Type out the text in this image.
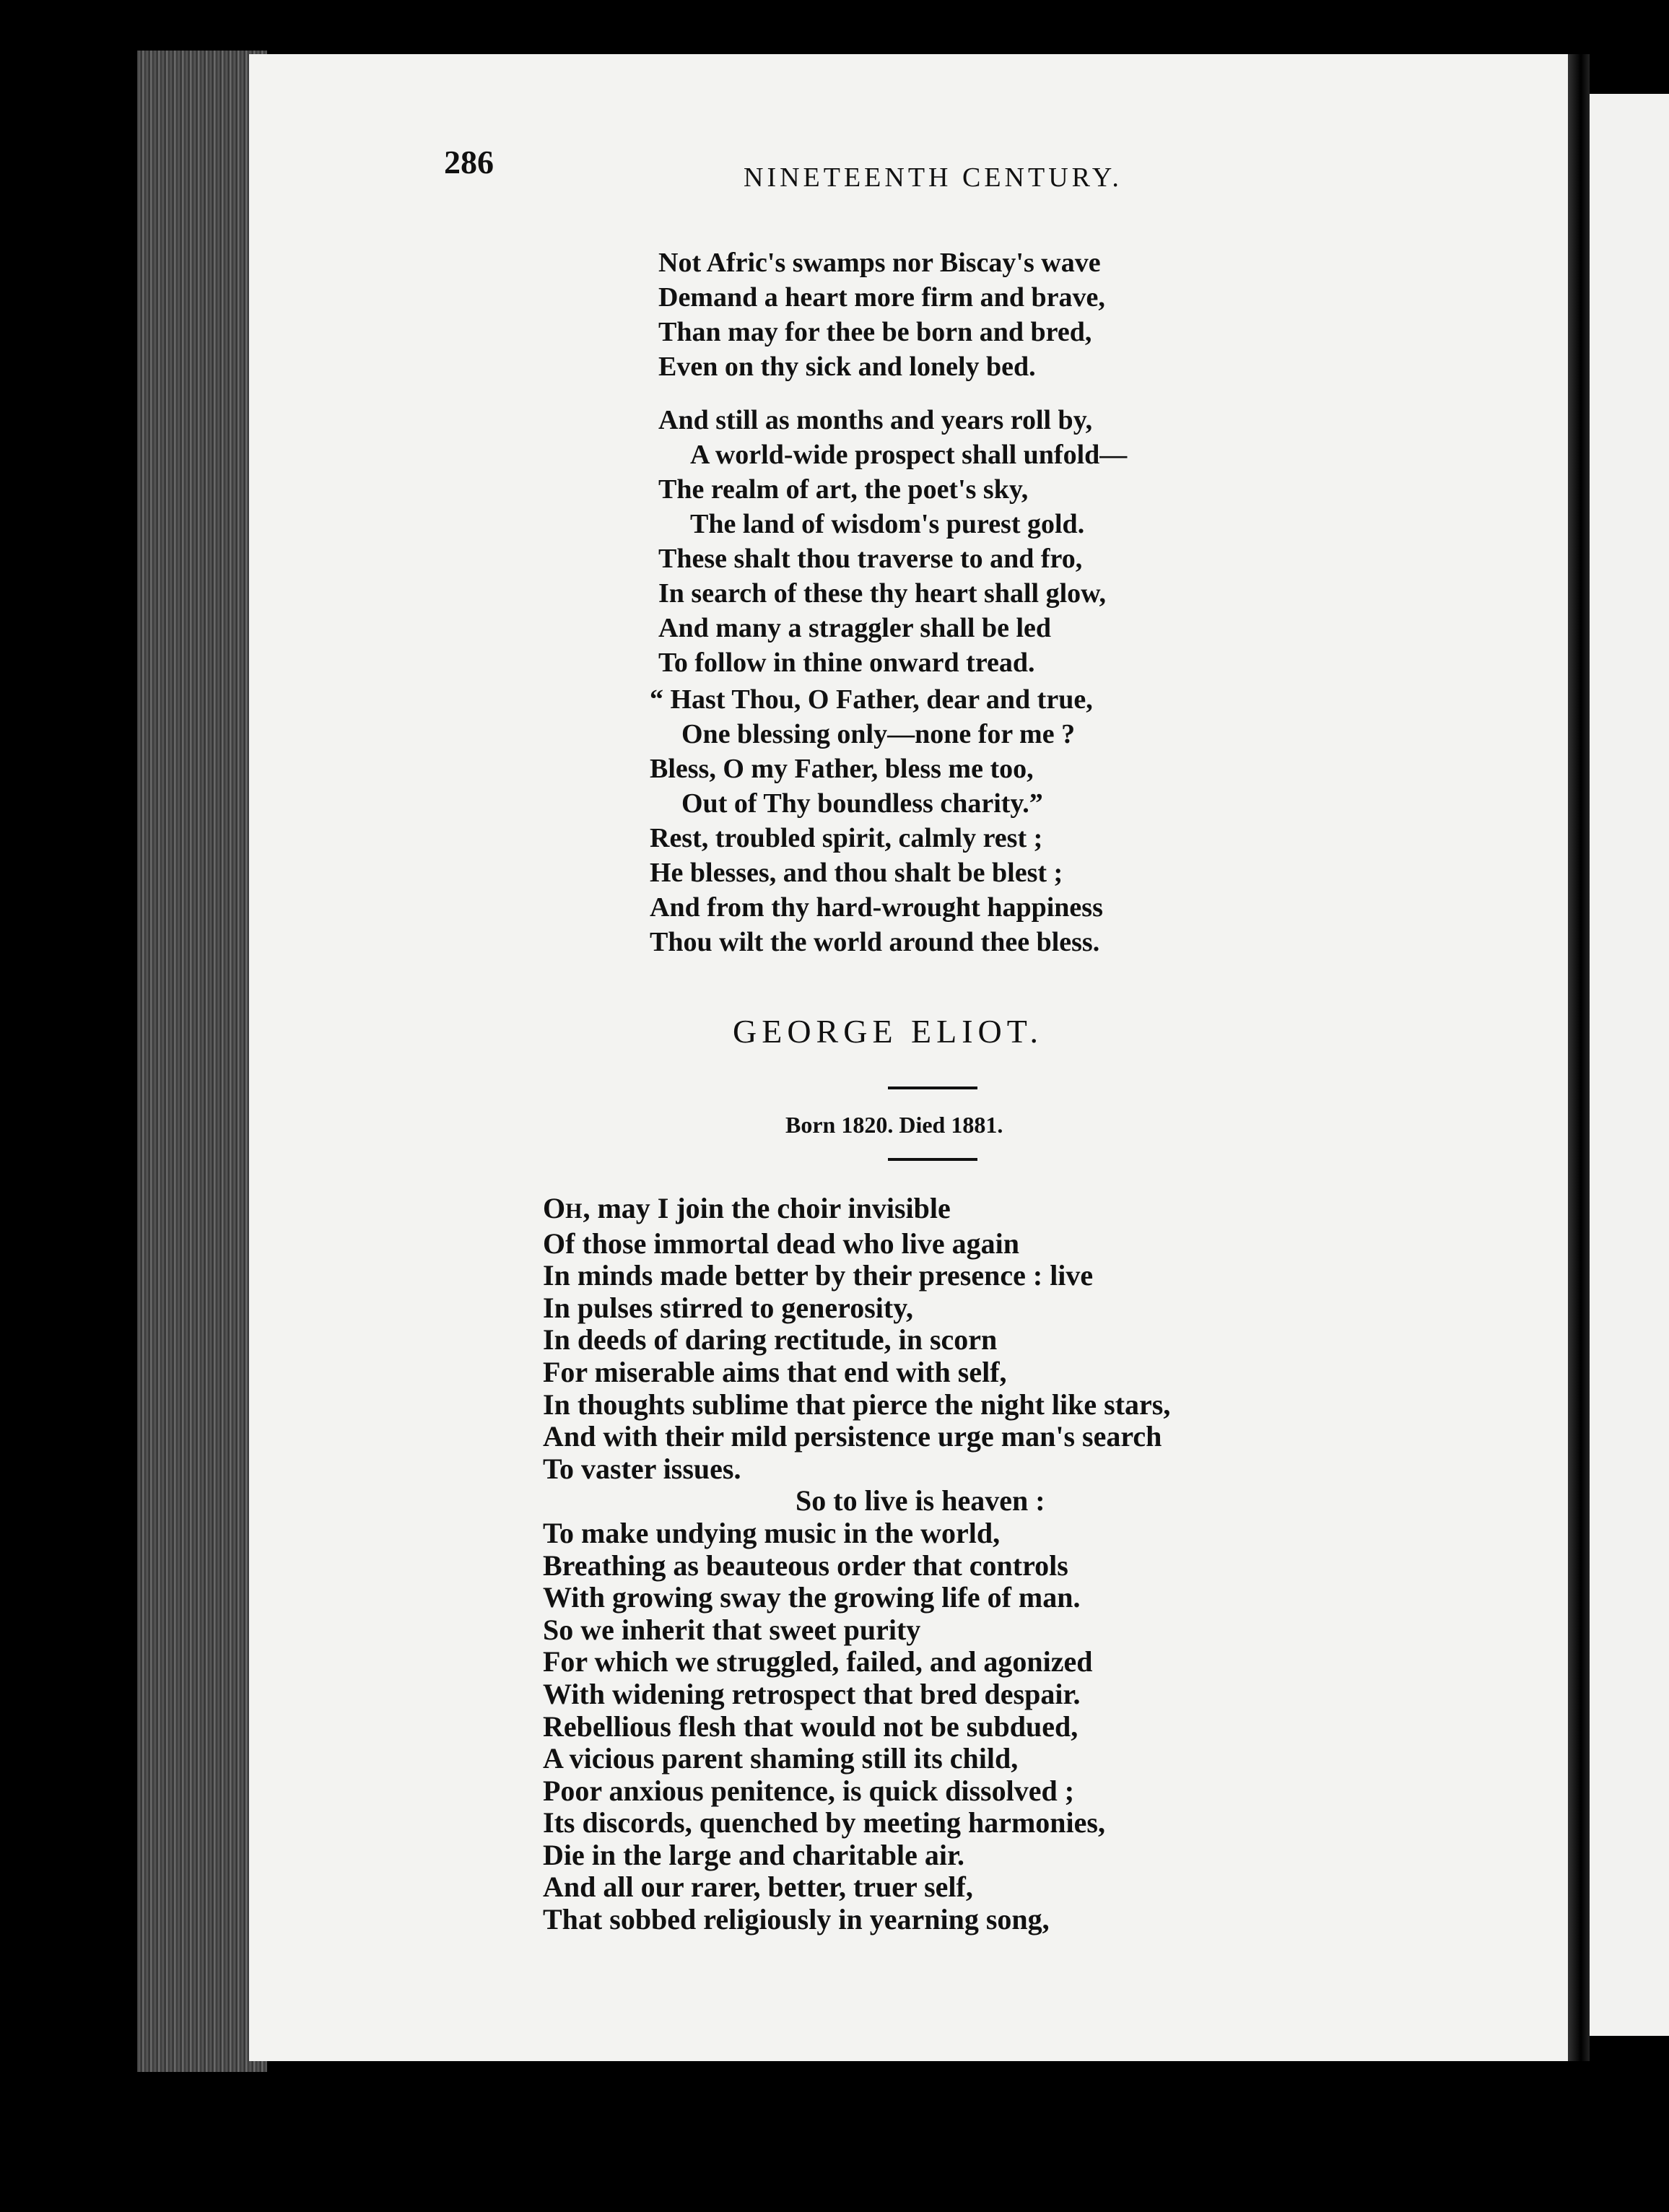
286	NINETEENTH CENTURY.
Not Afric's swamps nor Biscay's wave
Demand a heart more firm and brave,
Than may for thee be born and bred,
Even on thy sick and lonely bed.
And still as months and years roll by,
A world-wide prospect shall unfold—
The realm of art, the poet's sky,
The land of wisdom's purest gold.
These shalt thou traverse to and fro,
In search of these thy heart shall glow,
And many a straggler shall be led
To follow in thine onward tread.
“ Hast Thou, O Father, dear and true,
One blessing only—none for me ?
Bless, O my Father, bless me too,
Out of Thy boundless charity.”
Rest, troubled spirit, calmly rest ;
He blesses, and thou shalt be blest ;
And from thy hard-wrought happiness
Thou wilt the world around thee bless.
GEORGE ELIOT.
Born 1820. Died 1881.
OH, may I join the choir invisible
Of those immortal dead who live again
In minds made better by their presence : live
In pulses stirred to generosity,
In deeds of daring rectitude, in scorn
For miserable aims that end with self,
In thoughts sublime that pierce the night like stars,
And with their mild persistence urge man's search
To vaster issues.
So to live is heaven :
To make undying music in the world,
Breathing as beauteous order that controls
With growing sway the growing life of man.
So we inherit that sweet purity
For which we struggled, failed, and agonized
With widening retrospect that bred despair.
Rebellious flesh that would not be subdued,
A vicious parent shaming still its child,
Poor anxious penitence, is quick dissolved ;
Its discords, quenched by meeting harmonies,
Die in the large and charitable air.
And all our rarer, better, truer self,
That sobbed religiously in yearning song,
